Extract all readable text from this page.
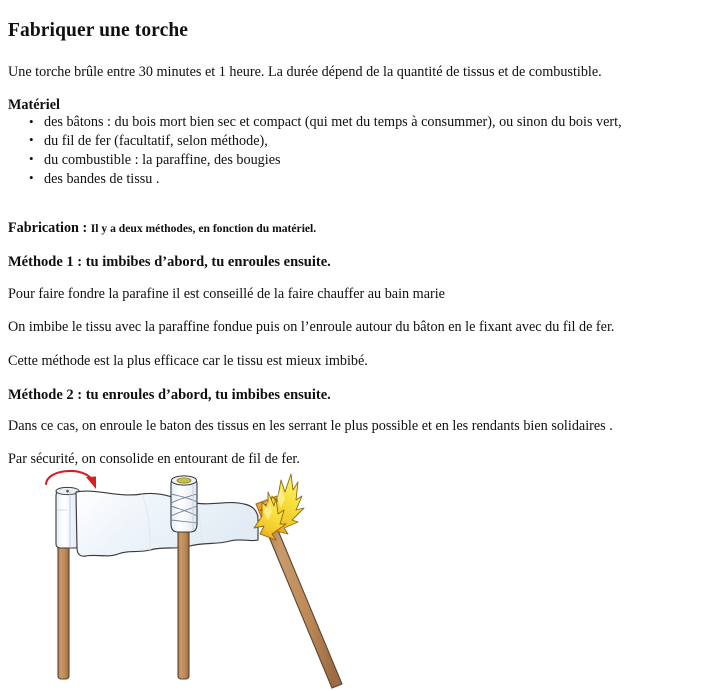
Fabriquer une torche

Une torche brûle entre 30 minutes et 1 heure. La durée dépend de la quantité de tissus et de combustible.

Matériel
• des bâtons : du bois mort bien sec et compact (qui met du temps à consummer), ou sinon du bois vert,
• du fil de fer (facultatif, selon méthode),
• du combustible : la paraffine, des bougies
• des bandes de tissu .

Fabrication : Il y a deux méthodes, en fonction du matériel.

Méthode 1 : tu imbibes d’abord, tu enroules ensuite.

Pour faire fondre la parafine il est conseillé de la faire chauffer au bain marie

On imbibe le tissu avec la paraffine fondue puis on l’enroule autour du bâton en le fixant avec du fil de fer.

Cette méthode est la plus efficace car le tissu est mieux imbibé.

Méthode 2 : tu enroules d’abord, tu imbibes ensuite.

Dans ce cas, on enroule le baton des tissus en les serrant le plus possible et en les rendants bien solidaires .

Par sécurité, on consolide en entourant de fil de fer.
